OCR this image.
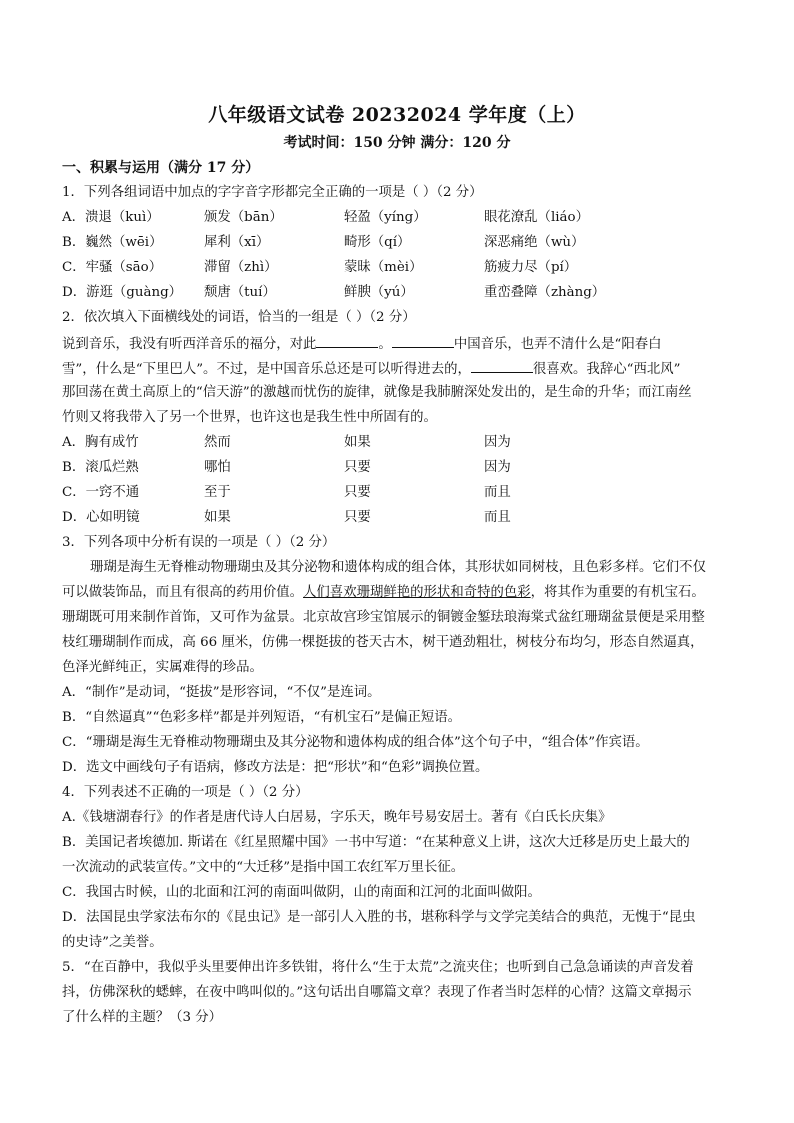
八年级语文试卷 20232024 学年度（上）
考试时间：150 分钟 满分：120 分
一、积累与运用（满分 17 分）
1．下列各组词语中加点的字字音字形都完全正确的一项是（ ）（2 分）
A．溃退（kuì）	颁发（bān）	轻盈（yíng）	眼花潦乱（liáo）
B．巍然（wēi）	犀利（xī）	畸形（qí）	深恶痛绝（wù）
C．牢骚（sāo）	滞留（zhì）	蒙昧（mèi）	筋疲力尽（pí）
D．游逛（guàng） 颓唐（tuí）	鲜腴（yú）	重峦叠障（zhàng）
2．依次填入下面横线处的词语，恰当的一组是（ ）（2 分）
说到音乐，我没有听西洋音乐的福分，对此	。	中国音乐，也弄不清什么是“阳春白
雪”，什么是“下里巴人”。不过，是中国音乐总还是可以听得进去的，	很喜欢。我辞心“西北风”
那回荡在黄土高原上的“信天游”的激越而忧伤的旋律，就像是我肺腑深处发出的，是生命的升华；而江南丝
竹则又将我带入了另一个世界，也许这也是我生性中所固有的。
A．胸有成竹	然而	如果	因为
B．滚瓜烂熟	哪怕	只要	因为
C．一窍不通	至于	只要	而且
D．心如明镜	如果	只要	而且
3．下列各项中分析有误的一项是（ ）（2 分）
珊瑚是海生无脊椎动物珊瑚虫及其分泌物和遗体构成的组合体，其形状如同树枝，且色彩多样。它们不仅
可以做装饰品，而且有很高的药用价值。人们喜欢珊瑚鲜艳的形状和奇特的色彩，将其作为重要的有机宝石。
珊瑚既可用来制作首饰，又可作为盆景。北京故宫珍宝馆展示的铜镀金錾珐琅海棠式盆红珊瑚盆景便是采用整
枝红珊瑚制作而成，高 66 厘米，仿佛一棵挺拔的苍天古木，树干遒劲粗壮，树枝分布均匀，形态自然逼真，
色泽光鲜纯正，实属难得的珍品。
A．“制作”是动词，“挺拔”是形容词，“不仅”是连词。
B．“自然逼真”“色彩多样”都是并列短语，“有机宝石”是偏正短语。
C．“珊瑚是海生无脊椎动物珊瑚虫及其分泌物和遗体构成的组合体”这个句子中，“组合体”作宾语。
D．选文中画线句子有语病，修改方法是：把“形状”和“色彩”调换位置。
4．下列表述不正确的一项是（ ）（2 分）
A.《钱塘湖春行》的作者是唐代诗人白居易，字乐天，晚年号易安居士。著有《白氏长庆集》
B．美国记者埃德加. 斯诺在《红星照耀中国》一书中写道：“在某种意义上讲，这次大迁移是历史上最大的
一次流动的武装宣传。”文中的“大迁移”是指中国工农红军万里长征。
C．我国古时候，山的北面和江河的南面叫做阴，山的南面和江河的北面叫做阳。
D．法国昆虫学家法布尔的《昆虫记》是一部引人入胜的书，堪称科学与文学完美结合的典范，无愧于“昆虫
的史诗”之美誉。
5．“在百静中，我似乎头里要伸出许多铁钳，将什么“生于太荒”之流夹住；也听到自己急急诵读的声音发着
抖，仿佛深秋的蟋蟀，在夜中鸣叫似的。”这句话出自哪篇文章？表现了作者当时怎样的心情？这篇文章揭示
了什么样的主题？（3 分）
